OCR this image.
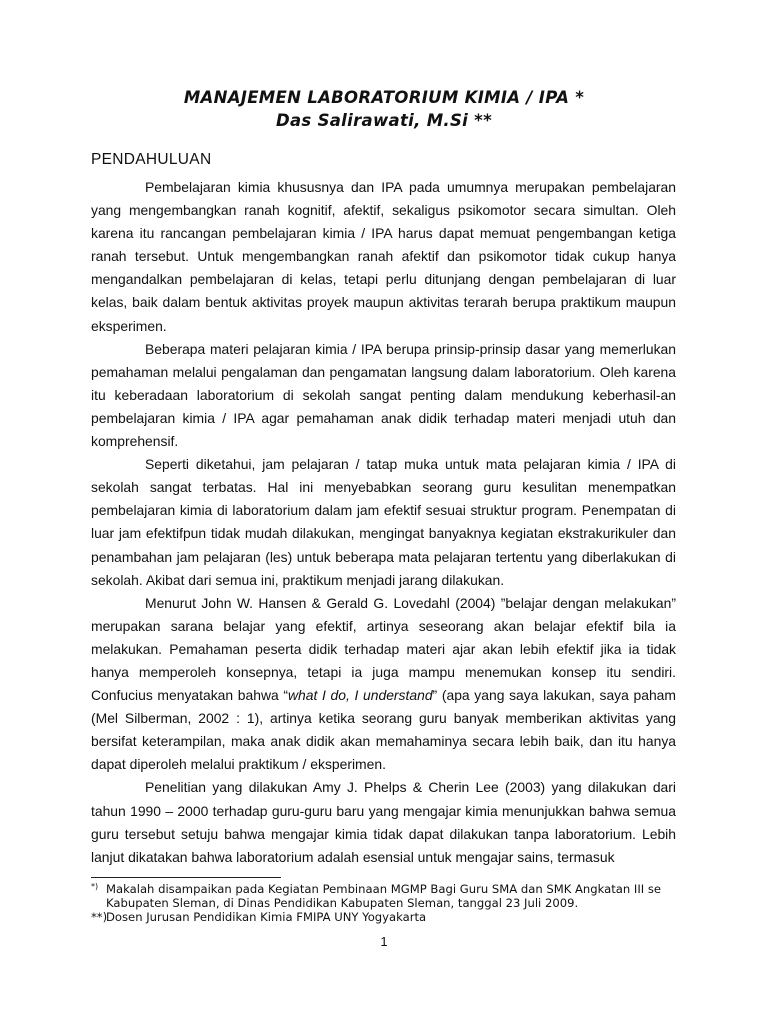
MANAJEMEN LABORATORIUM KIMIA / IPA *
Das Salirawati, M.Si **
PENDAHULUAN

Pembelajaran kimia khususnya dan IPA pada umumnya merupakan pembelajaran yang mengembangkan ranah kognitif, afektif, sekaligus psikomotor secara simultan. Oleh karena itu rancangan pembelajaran kimia / IPA harus dapat memuat pengembangan ketiga ranah tersebut. Untuk mengembangkan ranah afektif dan psikomotor tidak cukup hanya mengandalkan pembelajaran di kelas, tetapi perlu ditunjang dengan pembelajaran di luar kelas, baik dalam bentuk aktivitas proyek maupun aktivitas terarah berupa praktikum maupun eksperimen.

Beberapa materi pelajaran kimia / IPA berupa prinsip-prinsip dasar yang memerlukan pemahaman melalui pengalaman dan pengamatan langsung dalam laboratorium. Oleh karena itu keberadaan laboratorium di sekolah sangat penting dalam mendukung keberhasil-an pembelajaran kimia / IPA agar pemahaman anak didik terhadap materi menjadi utuh dan komprehensif.

Seperti diketahui, jam pelajaran / tatap muka untuk mata pelajaran kimia / IPA di sekolah sangat terbatas. Hal ini menyebabkan seorang guru kesulitan menempatkan pembelajaran kimia di laboratorium dalam jam efektif sesuai struktur program. Penempatan di luar jam efektifpun tidak mudah dilakukan, mengingat banyaknya kegiatan ekstrakurikuler dan penambahan jam pelajaran (les) untuk beberapa mata pelajaran tertentu yang diberlakukan di sekolah. Akibat dari semua ini, praktikum menjadi jarang dilakukan.

Menurut John W. Hansen & Gerald G. Lovedahl (2004) ”belajar dengan melakukan” merupakan sarana belajar yang efektif, artinya seseorang akan belajar efektif bila ia melakukan. Pemahaman peserta didik terhadap materi ajar akan lebih efektif jika ia tidak hanya memperoleh konsepnya, tetapi ia juga mampu menemukan konsep itu sendiri. Confucius menyatakan bahwa “what I do, I understand” (apa yang saya lakukan, saya paham (Mel Silberman, 2002 : 1), artinya ketika seorang guru banyak memberikan aktivitas yang bersifat keterampilan, maka anak didik akan memahaminya secara lebih baik, dan itu hanya dapat diperoleh melalui praktikum / eksperimen.

Penelitian yang dilakukan Amy J. Phelps & Cherin Lee (2003) yang dilakukan dari tahun 1990 – 2000 terhadap guru-guru baru yang mengajar kimia menunjukkan bahwa semua guru tersebut setuju bahwa mengajar kimia tidak dapat dilakukan tanpa laboratorium. Lebih lanjut dikatakan bahwa laboratorium adalah esensial untuk mengajar sains, termasuk

*) Makalah disampaikan pada Kegiatan Pembinaan MGMP Bagi Guru SMA dan SMK Angkatan III se Kabupaten Sleman, di Dinas Pendidikan Kabupaten Sleman, tanggal 23 Juli 2009.

**)
Dosen Jurusan Pendidikan Kimia FMIPA UNY Yogyakarta

1
